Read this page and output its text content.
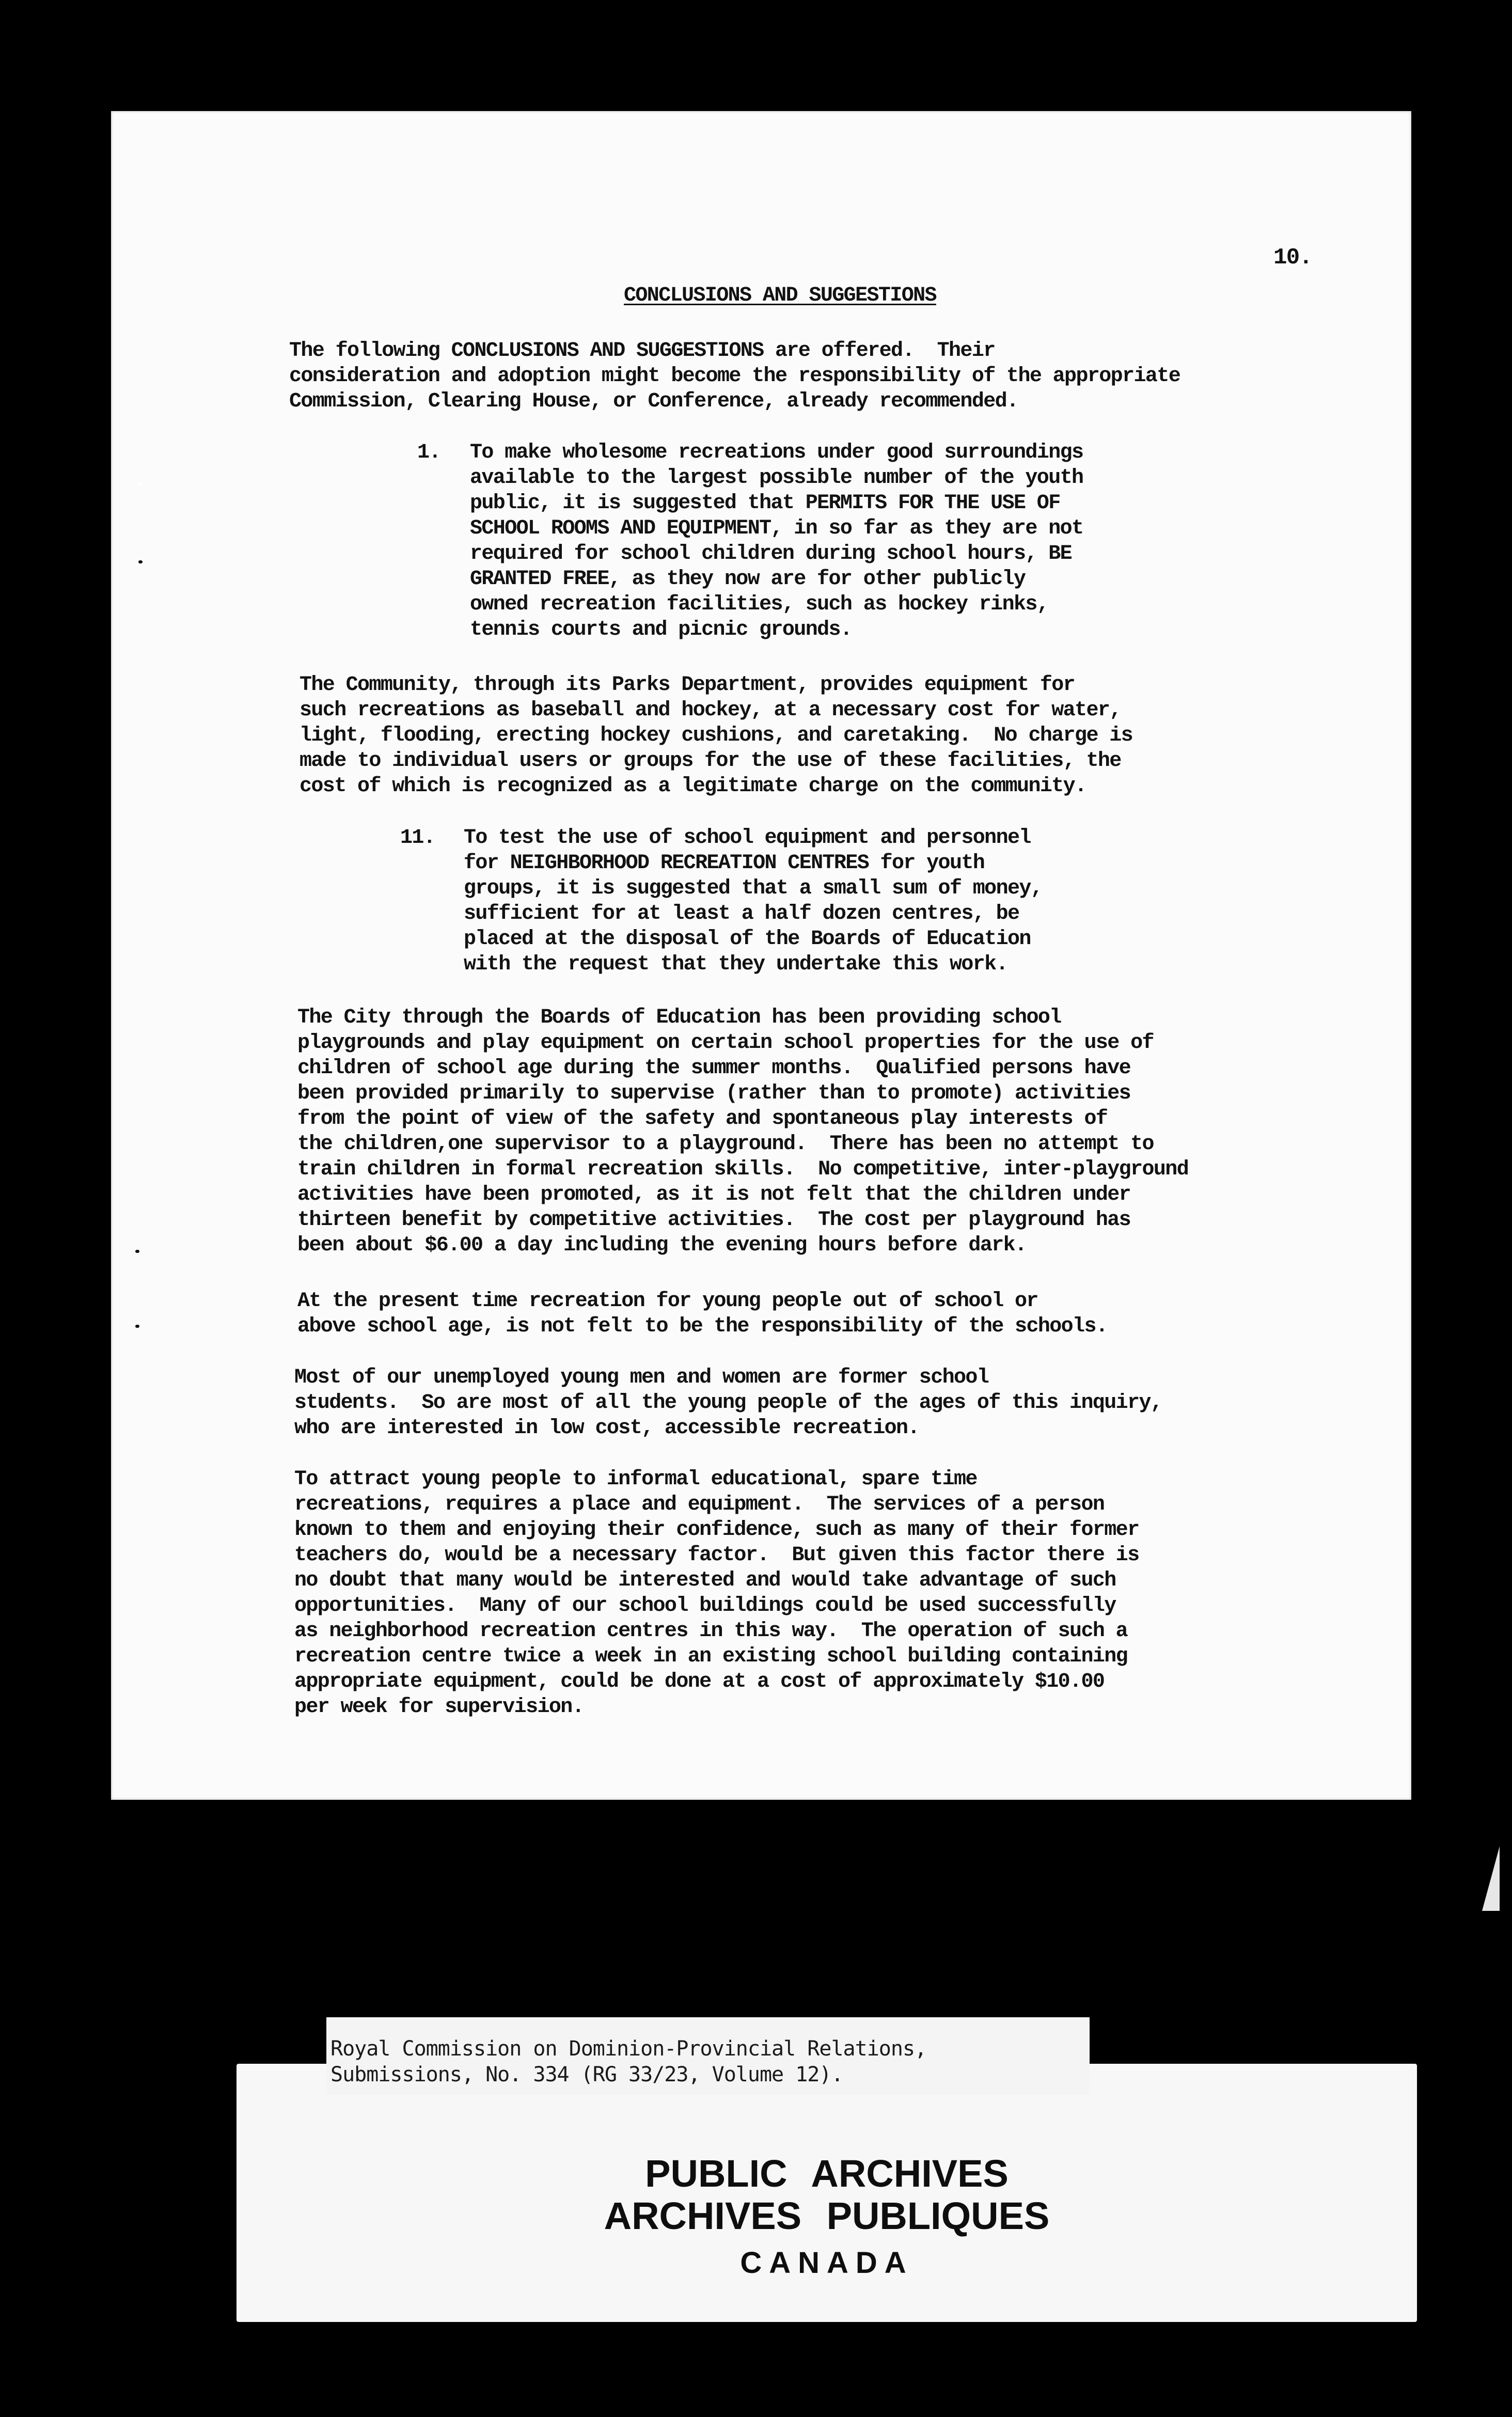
10.
CONCLUSIONS AND SUGGESTIONS

The following CONCLUSIONS AND SUGGESTIONS are offered.  Their
consideration and adoption might become the responsibility of the appropriate
Commission, Clearing House, or Conference, already recommended.

1. To make wholesome recreations under good surroundings
available to the largest possible number of the youth
public, it is suggested that PERMITS FOR THE USE OF
SCHOOL ROOMS AND EQUIPMENT, in so far as they are not
required for school children during school hours, BE
GRANTED FREE, as they now are for other publicly
owned recreation facilities, such as hockey rinks,
tennis courts and picnic grounds.

The Community, through its Parks Department, provides equipment for
such recreations as baseball and hockey, at a necessary cost for water,
light, flooding, erecting hockey cushions, and caretaking.  No charge is
made to individual users or groups for the use of these facilities, the
cost of which is recognized as a legitimate charge on the community.

11. To test the use of school equipment and personnel
for NEIGHBORHOOD RECREATION CENTRES for youth
groups, it is suggested that a small sum of money,
sufficient for at least a half dozen centres, be
placed at the disposal of the Boards of Education
with the request that they undertake this work.

The City through the Boards of Education has been providing school
playgrounds and play equipment on certain school properties for the use of
children of school age during the summer months.  Qualified persons have
been provided primarily to supervise (rather than to promote) activities
from the point of view of the safety and spontaneous play interests of
the children,one supervisor to a playground.  There has been no attempt to
train children in formal recreation skills.  No competitive, inter-playground
activities have been promoted, as it is not felt that the children under
thirteen benefit by competitive activities.  The cost per playground has
been about $6.00 a day including the evening hours before dark.

At the present time recreation for young people out of school or
above school age, is not felt to be the responsibility of the schools.

Most of our unemployed young men and women are former school
students.  So are most of all the young people of the ages of this inquiry,
who are interested in low cost, accessible recreation.

To attract young people to informal educational, spare time
recreations, requires a place and equipment.  The services of a person
known to them and enjoying their confidence, such as many of their former
teachers do, would be a necessary factor.  But given this factor there is
no doubt that many would be interested and would take advantage of such
opportunities.  Many of our school buildings could be used successfully
as neighborhood recreation centres in this way.  The operation of such a
recreation centre twice a week in an existing school building containing
appropriate equipment, could be done at a cost of approximately $10.00
per week for supervision.

PUBLIC ARCHIVES
ARCHIVES PUBLIQUES
CANADA
Royal Commission on Dominion-Provincial Relations,
Submissions, No. 334 (RG 33/23, Volume 12).
